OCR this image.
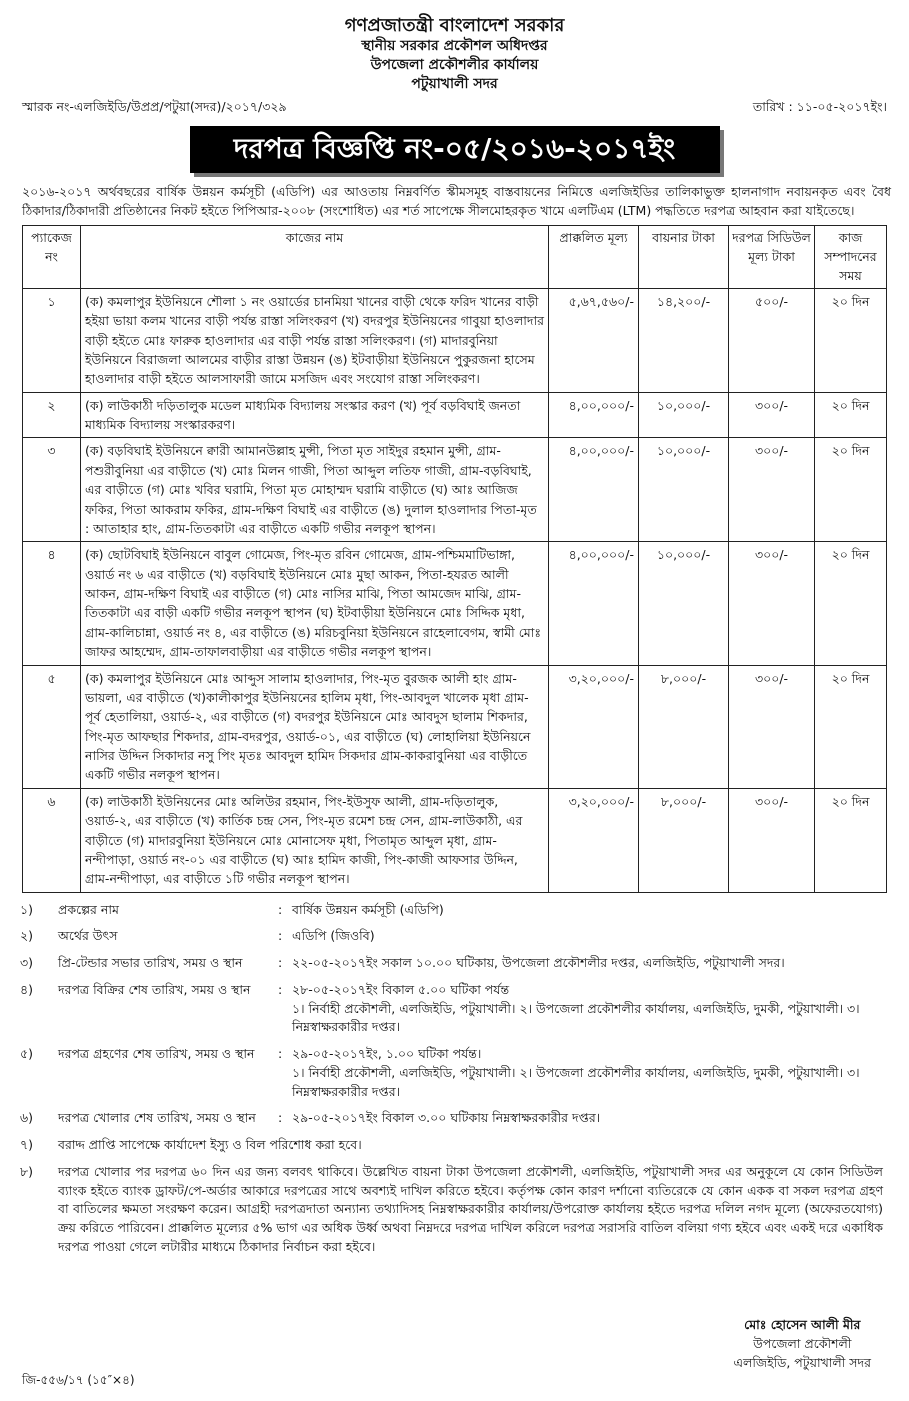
গণপ্রজাতন্ত্রী বাংলাদেশ সরকার
স্থানীয় সরকার প্রকৌশল অধিদপ্তর
উপজেলা প্রকৌশলীর কার্যালয়
পটুয়াখালী সদর
স্মারক নং-এলজিইডি/উপ্রপ্র/পটুয়া(সদর)/২০১৭/৩২৯	তারিখ : ১১-০৫-২০১৭ইং।
দরপত্র বিজ্ঞপ্তি নং-০৫/২০১৬-২০১৭ইং
২০১৬-২০১৭ অর্থবছরের বার্ষিক উন্নয়ন কর্মসূচী (এডিপি) এর আওতায় নিম্নবর্ণিত স্কীমসমূহ বাস্তবায়নের নিমিত্তে এলজিইডির তালিকাভুক্ত হালনাগাদ নবায়নকৃত এবং বৈধ ঠিকাদার/ঠিকাদারী প্রতিষ্ঠানের নিকট হইতে পিপিআর-২০০৮ (সংশোধিত) এর শর্ত সাপেক্ষে সীলমোহরকৃত খামে এলটিএম (LTM) পদ্ধতিতে দরপত্র আহবান করা যাইতেছে।
প্যাকেজ নং	কাজের নাম	প্রাক্কলিত মূল্য	বায়নার টাকা	দরপত্র সিডিউল মূল্য টাকা	কাজ সম্পাদনের সময়
১	(ক) কমলাপুর ইউনিয়নে শৌলা ১ নং ওয়ার্ডের চানমিয়া খানের বাড়ী থেকে ফরিদ খানের বাড়ী হইয়া ভায়া কলম খানের বাড়ী পর্যন্ত রাস্তা সলিংকরণ (খ) বদরপুর ইউনিয়নের গাবুয়া হাওলাদার বাড়ী হইতে মোঃ ফারুক হাওলাদার এর বাড়ী পর্যন্ত রাস্তা সলিংকরণ। (গ) মাদারবুনিয়া ইউনিয়নে বিরাজলা আলমের বাড়ীর রাস্তা উন্নয়ন (ঙ) ইটবাড়ীয়া ইউনিয়নে পুকুরজনা হাসেম হাওলাদার বাড়ী হইতে আলসাফারী জামে মসজিদ এবং সংযোগ রাস্তা সলিংকরণ।	৫,৬৭,৫৬০/-	১৪,২০০/-	৫০০/-	২০ দিন
২	(ক) লাউকাঠী দড়িতালুক মডেল মাধ্যমিক বিদ্যালয় সংস্কার করণ (খ) পূর্ব বড়বিঘাই জনতা মাধ্যমিক বিদ্যালয় সংস্কারকরণ।	৪,০০,০০০/-	১০,০০০/-	৩০০/-	২০ দিন
৩	(ক) বড়বিঘাই ইউনিয়নে ক্বারী আমানউল্লাহ মুন্সী, পিতা মৃত সাইদুর রহমান মুন্সী, গ্রাম-পশুরীবুনিয়া এর বাড়ীতে (খ) মোঃ মিলন গাজী, পিতা আব্দুল লতিফ গাজী, গ্রাম-বড়বিঘাই, এর বাড়ীতে (গ) মোঃ খবির ঘরামি, পিতা মৃত মোহাম্মদ ঘরামি বাড়ীতে (ঘ) আঃ আজিজ ফকির, পিতা আকরাম ফকির, গ্রাম-দক্ষিণ বিঘাই এর বাড়ীতে (ঙ) দুলাল হাওলাদার পিতা-মৃত : আতাহার হাং, গ্রাম-তিতকাটা এর বাড়ীতে একটি গভীর নলকূপ স্থাপন।	৪,০০,০০০/-	১০,০০০/-	৩০০/-	২০ দিন
৪	(ক) ছোটবিঘাই ইউনিয়নে বাবুল গোমেজ, পিং-মৃত রবিন গোমেজ, গ্রাম-পশ্চিমমাটিভাঙ্গা, ওয়ার্ড নং ৬ এর বাড়ীতে (খ) বড়বিঘাই ইউনিয়নে মোঃ মুছা আকন, পিতা-হযরত আলী আকন, গ্রাম-দক্ষিণ বিঘাই এর বাড়ীতে (গ) মোঃ নাসির মাঝি, পিতা আমজেদ মাঝি, গ্রাম-তিতকাটা এর বাড়ী একটি গভীর নলকূপ স্থাপন (ঘ) ইটবাড়ীয়া ইউনিয়নে মোঃ সিদ্দিক মৃধা, গ্রাম-কালিচান্না, ওয়ার্ড নং ৪, এর বাড়ীতে (ঙ) মরিচবুনিয়া ইউনিয়নে রাহেলাবেগম, স্বামী মোঃ জাফর আহম্মেদ, গ্রাম-তাফালবাড়ীয়া এর বাড়ীতে গভীর নলকূপ স্থাপন।	৪,০০,০০০/-	১০,০০০/-	৩০০/-	২০ দিন
৫	(ক) কমলাপুর ইউনিয়নে মোঃ আব্দুস সালাম হাওলাদার, পিং-মৃত বুরজক আলী হাং গ্রাম-ভায়লা, এর বাড়ীতে (খ)কালীকাপুর ইউনিয়নের হালিম মৃধা, পিং-আবদুল খালেক মৃধা গ্রাম-পূর্ব হেতালিয়া, ওয়ার্ড-২, এর বাড়ীতে (গ) বদরপুর ইউনিয়নে মোঃ আবদুস ছালাম শিকদার, পিং-মৃত আফছার শিকদার, গ্রাম-বদরপুর, ওয়ার্ড-০১, এর বাড়ীতে (ঘ) লোহালিয়া ইউনিয়নে নাসির উদ্দিন সিকাদার নসু পিং মৃতঃ আবদুল হামিদ সিকদার গ্রাম-কাকরাবুনিয়া এর বাড়ীতে একটি গভীর নলকূপ স্থাপন।	৩,২০,০০০/-	৮,০০০/-	৩০০/-	২০ দিন
৬	(ক) লাউকাঠী ইউনিয়নের মোঃ অলিউর রহমান, পিং-ইউসুফ আলী, গ্রাম-দড়িতালুক, ওয়ার্ড-২, এর বাড়ীতে (খ) কার্তিক চন্দ্র সেন, পিং-মৃত রমেশ চন্দ্র সেন, গ্রাম-লাউকাঠী, এর বাড়ীতে (গ) মাদারবুনিয়া ইউনিয়নে মোঃ মোনাসেফ মৃধা, পিতামৃত আব্দুল মৃধা, গ্রাম-নন্দীপাড়া, ওয়ার্ড নং-০১ এর বাড়ীতে (ঘ) আঃ হামিদ কাজী, পিং-কাজী আফসার উদ্দিন, গ্রাম-নন্দীপাড়া, এর বাড়ীতে ১টি গভীর নলকূপ স্থাপন।	৩,২০,০০০/-	৮,০০০/-	৩০০/-	২০ দিন
১)	প্রকল্পের নাম	: বার্ষিক উন্নয়ন কর্মসূচী (এডিপি)
২)	অর্থের উৎস	: এডিপি (জিওবি)
৩)	প্রি-টেন্ডার সভার তারিখ, সময় ও স্থান	: ২২-০৫-২০১৭ইং সকাল ১০.০০ ঘটিকায়, উপজেলা প্রকৌশলীর দপ্তর, এলজিইডি, পটুয়াখালী সদর।
৪)	দরপত্র বিক্রির শেষ তারিখ, সময় ও স্থান	: ২৮-০৫-২০১৭ইং বিকাল ৫.০০ ঘটিকা পর্যন্ত
১। নির্বাহী প্রকৌশলী, এলজিইডি, পটুয়াখালী। ২। উপজেলা প্রকৌশলীর কার্যালয়, এলজিইডি, দুমকী, পটুয়াখালী। ৩। নিম্নস্বাক্ষরকারীর দপ্তর।
৫)	দরপত্র গ্রহণের শেষ তারিখ, সময় ও স্থান	: ২৯-০৫-২০১৭ইং, ১.০০ ঘটিকা পর্যন্ত।
১। নির্বাহী প্রকৌশলী, এলজিইডি, পটুয়াখালী। ২। উপজেলা প্রকৌশলীর কার্যালয়, এলজিইডি, দুমকী, পটুয়াখালী। ৩। নিম্নস্বাক্ষরকারীর দপ্তর।
৬)	দরপত্র খোলার শেষ তারিখ, সময় ও স্থান	: ২৯-০৫-২০১৭ইং বিকাল ৩.০০ ঘটিকায় নিম্নস্বাক্ষরকারীর দপ্তর।
৭)	বরাদ্দ প্রাপ্তি সাপেক্ষে কার্যাদেশ ইস্যু ও বিল পরিশোধ করা হবে।
৮)	দরপত্র খোলার পর দরপত্র ৬০ দিন এর জন্য বলবৎ থাকিবে। উল্লেখিত বায়না টাকা উপজেলা প্রকৌশলী, এলজিইডি, পটুয়াখালী সদর এর অনুকূলে যে কোন সিডিউল ব্যাংক হইতে ব্যাংক ড্রাফট/পে-অর্ডার আকারে দরপত্রের সাথে অবশ্যই দাখিল করিতে হইবে। কর্তৃপক্ষ কোন কারণ দর্শানো ব্যতিরেকে যে কোন একক বা সকল দরপত্র গ্রহণ বা বাতিলের ক্ষমতা সংরক্ষণ করেন। আগ্রহী দরপত্রদাতা অন্যান্য তথ্যাদিসহ নিম্নস্বাক্ষরকারীর কার্যালয়/উপরোক্ত কার্যালয় হইতে দরপত্র দলিল নগদ মূল্যে (অফেরতযোগ্য) ক্রয় করিতে পারিবেন। প্রাক্কলিত মূল্যের ৫% ভাগ এর অধিক উর্ধ্ব অথবা নিম্নদরে দরপত্র দাখিল করিলে দরপত্র সরাসরি বাতিল বলিয়া গণ্য হইবে এবং একই দরে একাধিক দরপত্র পাওয়া গেলে লটারীর মাধ্যমে ঠিকাদার নির্বাচন করা হইবে।
মোঃ হোসেন আলী মীর
উপজেলা প্রকৌশলী
এলজিইডি, পটুয়াখালী সদর
জি-৫৫৬/১৭ (১৫″×৪)
